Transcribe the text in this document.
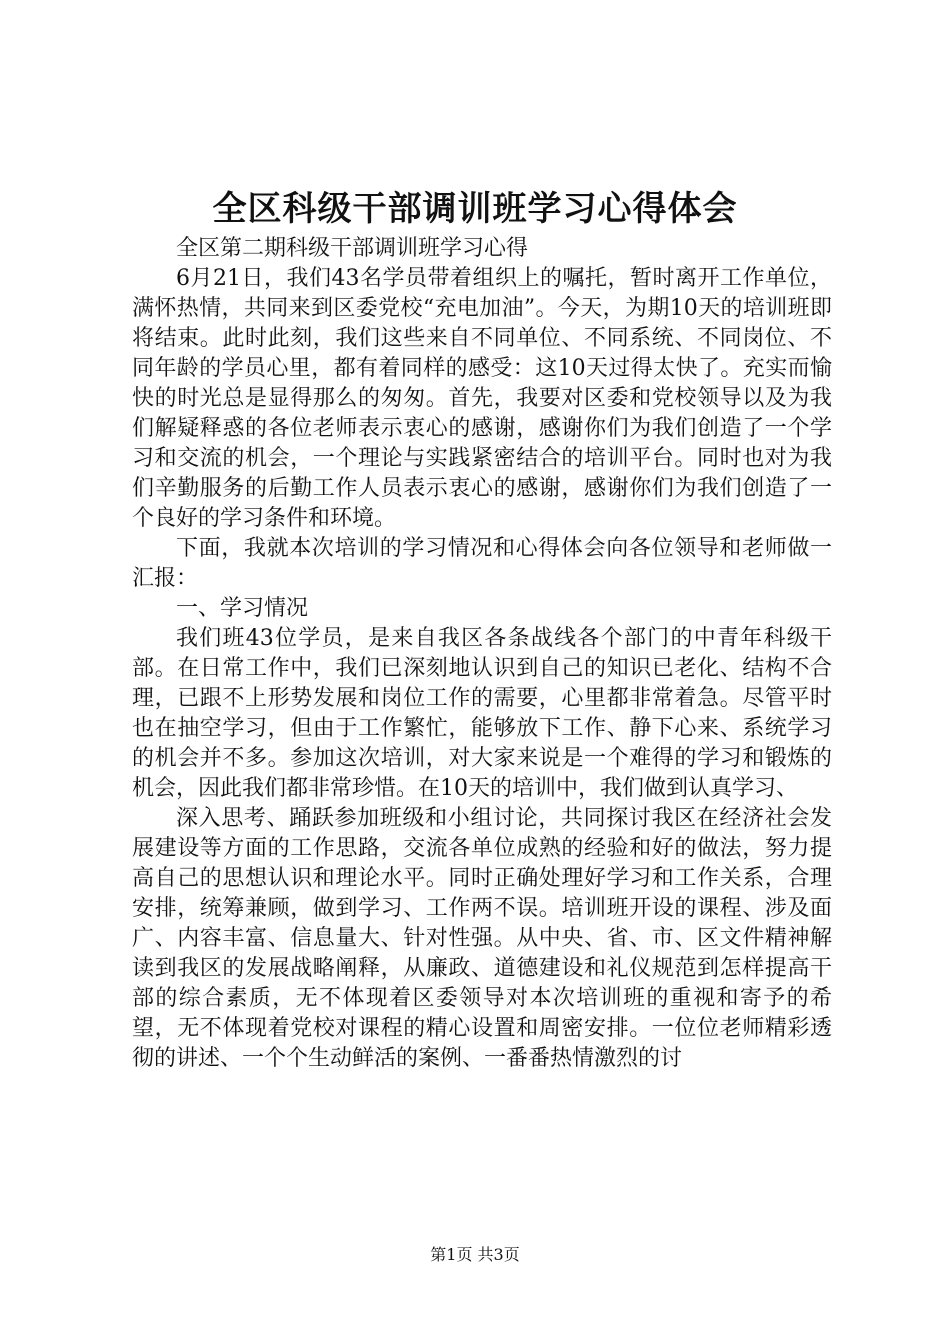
全区科级干部调训班学习心得体会

全区第二期科级干部调训班学习心得

6月21日，我们43名学员带着组织上的嘱托，暂时离开工作单位，满怀热情，共同来到区委党校“充电加油”。今天，为期10天的培训班即将结束。此时此刻，我们这些来自不同单位、不同系统、不同岗位、不同年龄的学员心里，都有着同样的感受：这10天过得太快了。充实而愉快的时光总是显得那么的匆匆。首先，我要对区委和党校领导以及为我们解疑释惑的各位老师表示衷心的感谢，感谢你们为我们创造了一个学习和交流的机会，一个理论与实践紧密结合的培训平台。同时也对为我们辛勤服务的后勤工作人员表示衷心的感谢，感谢你们为我们创造了一个良好的学习条件和环境。

下面，我就本次培训的学习情况和心得体会向各位领导和老师做一汇报：

一、学习情况

我们班43位学员，是来自我区各条战线各个部门的中青年科级干部。在日常工作中，我们已深刻地认识到自己的知识已老化、结构不合理，已跟不上形势发展和岗位工作的需要，心里都非常着急。尽管平时也在抽空学习，但由于工作繁忙，能够放下工作、静下心来、系统学习的机会并不多。参加这次培训，对大家来说是一个难得的学习和锻炼的机会，因此我们都非常珍惜。在10天的培训中，我们做到认真学习、

深入思考、踊跃参加班级和小组讨论，共同探讨我区在经济社会发展建设等方面的工作思路，交流各单位成熟的经验和好的做法，努力提高自己的思想认识和理论水平。同时正确处理好学习和工作关系，合理安排，统筹兼顾，做到学习、工作两不误。培训班开设的课程、涉及面广、内容丰富、信息量大、针对性强。从中央、省、市、区文件精神解读到我区的发展战略阐释，从廉政、道德建设和礼仪规范到怎样提高干部的综合素质，无不体现着区委领导对本次培训班的重视和寄予的希望，无不体现着党校对课程的精心设置和周密安排。一位位老师精彩透彻的讲述、一个个生动鲜活的案例、一番番热情激烈的讨

第1页 共3页
